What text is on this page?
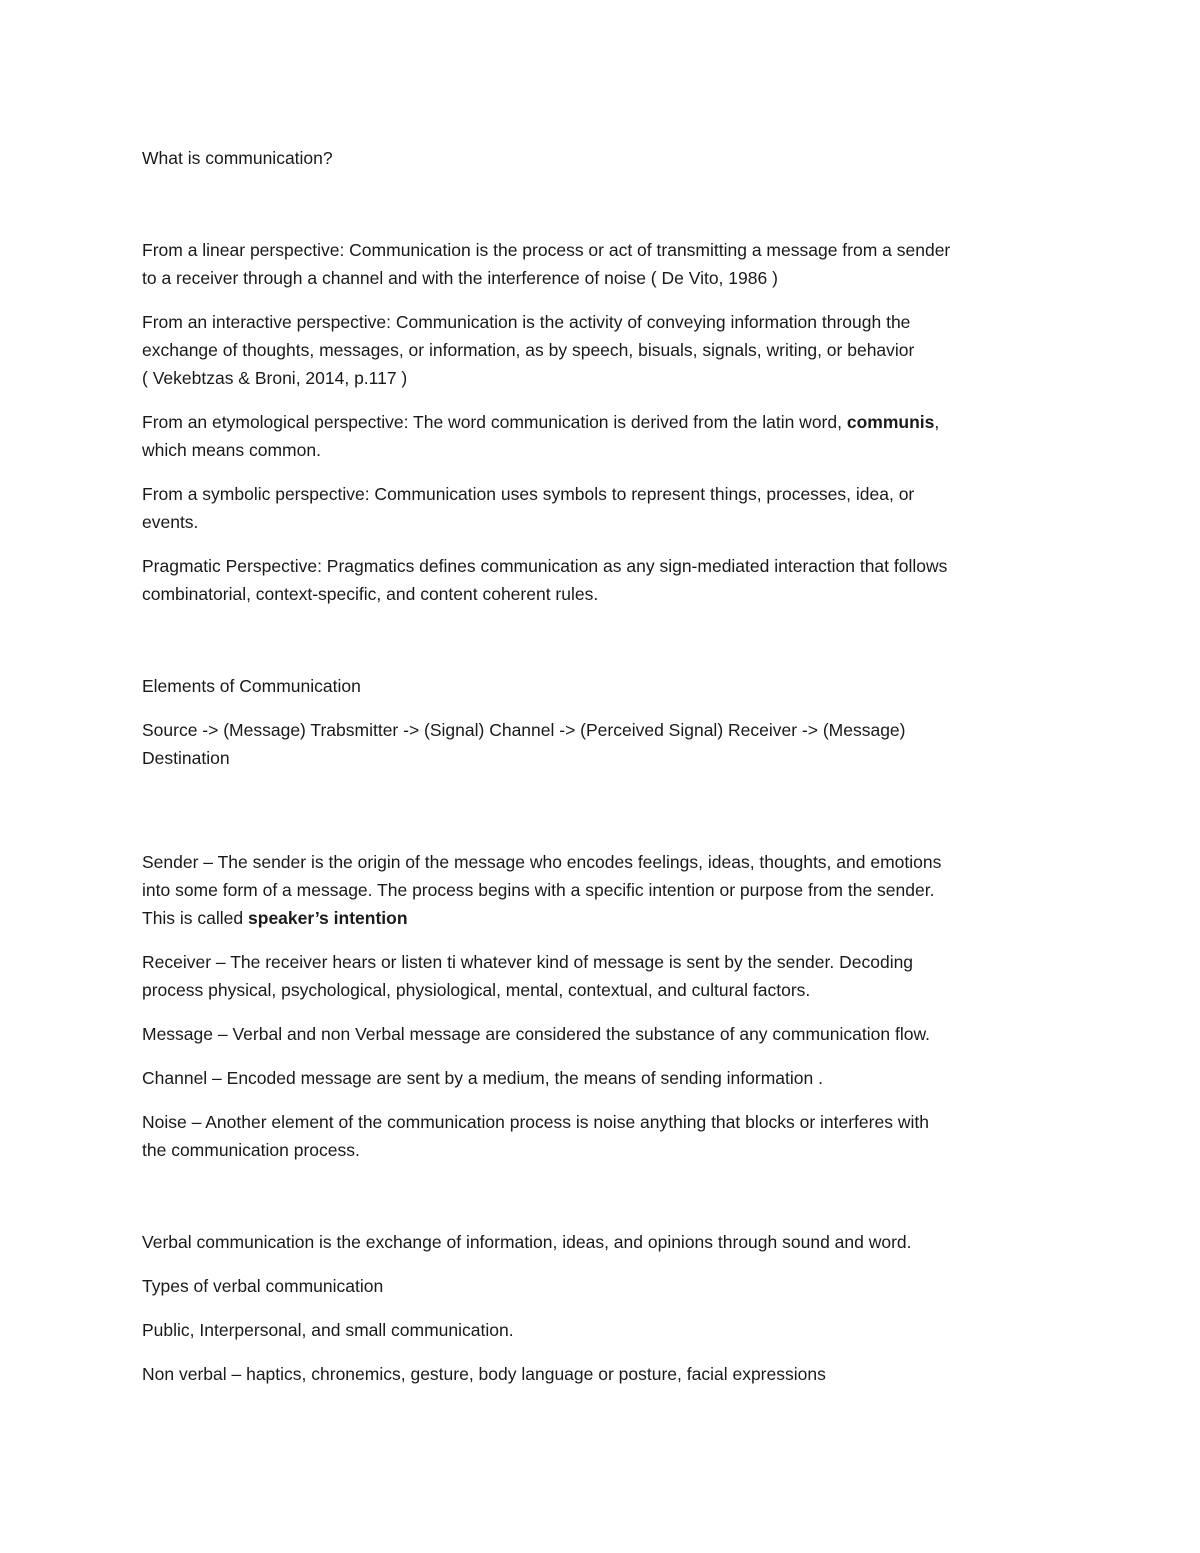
What is communication?

From a linear perspective: Communication is the process or act of transmitting a message from a sender
to a receiver through a channel and with the interference of noise ( De Vito, 1986 )

From an interactive perspective: Communication is the activity of conveying information through the
exchange of thoughts, messages, or information, as by speech, bisuals, signals, writing, or behavior
( Vekebtzas & Broni, 2014, p.117 )

From an etymological perspective: The word communication is derived from the latin word, communis,
which means common.

From a symbolic perspective: Communication uses symbols to represent things, processes, idea, or
events.

Pragmatic Perspective: Pragmatics defines communication as any sign-mediated interaction that follows
combinatorial, context-specific, and content coherent rules.

Elements of Communication

Source -> (Message) Trabsmitter -> (Signal) Channel -> (Perceived Signal) Receiver -> (Message)
Destination

Sender – The sender is the origin of the message who encodes feelings, ideas, thoughts, and emotions
into some form of a message. The process begins with a specific intention or purpose from the sender.
This is called speaker’s intention

Receiver – The receiver hears or listen ti whatever kind of message is sent by the sender. Decoding
process physical, psychological, physiological, mental, contextual, and cultural factors.

Message – Verbal and non Verbal message are considered the substance of any communication flow.

Channel – Encoded message are sent by a medium, the means of sending information .

Noise – Another element of the communication process is noise anything that blocks or interferes with
the communication process.

Verbal communication is the exchange of information, ideas, and opinions through sound and word.

Types of verbal communication

Public, Interpersonal, and small communication.

Non verbal – haptics, chronemics, gesture, body language or posture, facial expressions
